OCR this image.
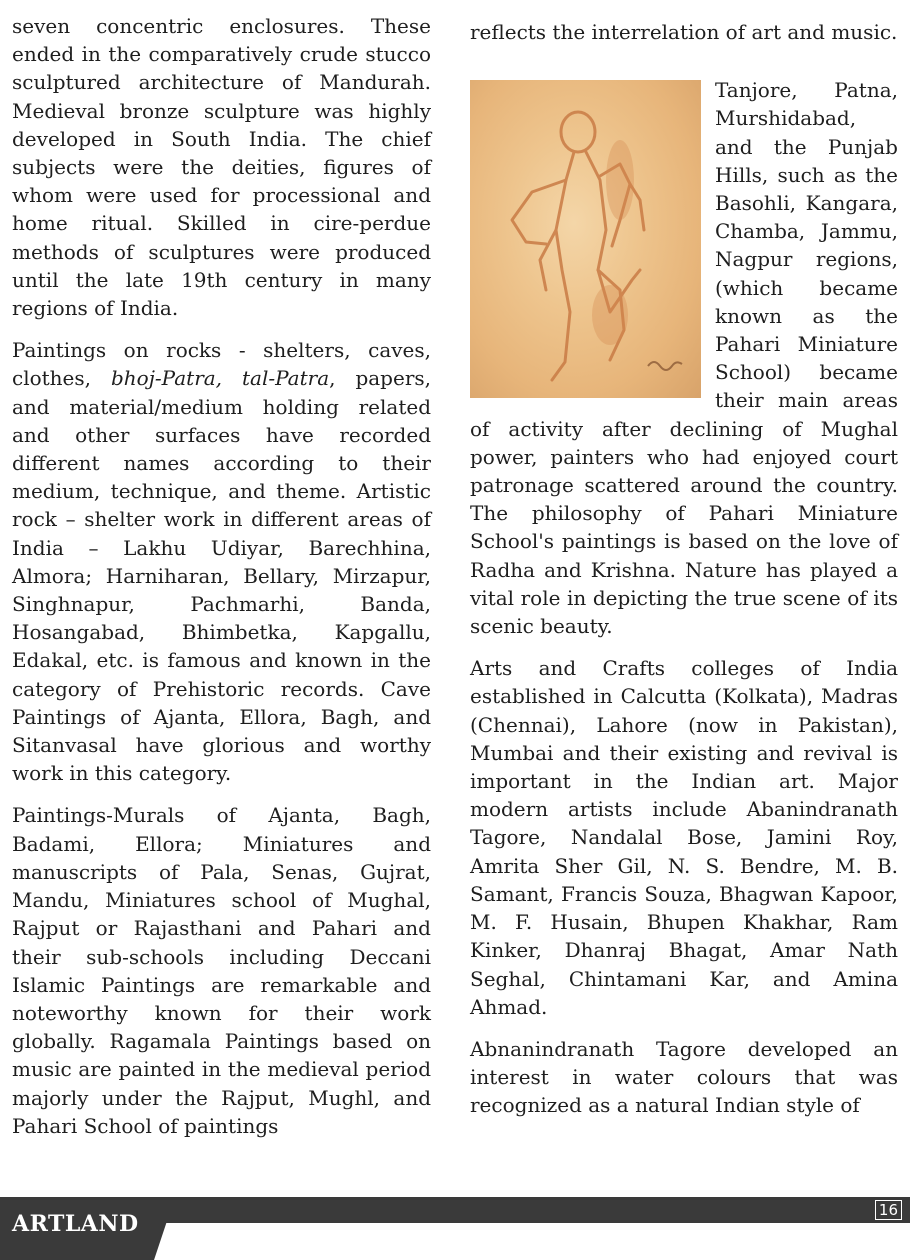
seven concentric enclosures. These ended in the comparatively crude stucco sculptured architecture of Mandurah. Medieval bronze sculpture was highly developed in South India. The chief subjects were the deities, figures of whom were used for processional and home ritual. Skilled in cire-perdue methods of sculptures were produced until the late 19th century in many regions of India.

Paintings on rocks - shelters, caves, clothes, bhoj-Patra, tal-Patra, papers, and material/medium holding related and other surfaces have recorded different names according to their medium, technique, and theme. Artistic rock – shelter work in different areas of India – Lakhu Udiyar, Barechhina, Almora; Harniharan, Bellary, Mirzapur, Singhnapur, Pachmarhi, Banda, Hosangabad, Bhimbetka, Kapgallu, Edakal, etc. is famous and known in the category of Prehistoric records. Cave Paintings of Ajanta, Ellora, Bagh, and Sitanvasal have glorious and worthy work in this category.

Paintings-Murals of Ajanta, Bagh, Badami, Ellora; Miniatures and manuscripts of Pala, Senas, Gujrat, Mandu, Miniatures school of Mughal, Rajput or Rajasthani and Pahari and their sub-schools including Deccani Islamic Paintings are remarkable and noteworthy known for their work globally. Ragamala Paintings based on music are painted in the medieval period majorly under the Rajput, Mughl, and Pahari School of paintings

reflects the interrelation of art and music.

Tanjore, Patna, Murshidabad, and the Punjab Hills, such as the Basohli, Kangara, Chamba, Jammu, Nagpur regions, (which became known as the Pahari Miniature School) became their main areas of activity after declining of Mughal power, painters who had enjoyed court patronage scattered around the country. The philosophy of Pahari Miniature School's paintings is based on the love of Radha and Krishna. Nature has played a vital role in depicting the true scene of its scenic beauty.

Arts and Crafts colleges of India established in Calcutta (Kolkata), Madras (Chennai), Lahore (now in Pakistan), Mumbai and their existing and revival is important in the Indian art. Major modern artists include Abanindranath Tagore, Nandalal Bose, Jamini Roy, Amrita Sher Gil, N. S. Bendre, M. B. Samant, Francis Souza, Bhagwan Kapoor, M. F. Husain, Bhupen Khakhar, Ram Kinker, Dhanraj Bhagat, Amar Nath Seghal, Chintamani Kar, and Amina Ahmad.

Abnanindranath Tagore developed an interest in water colours that was recognized as a natural Indian style of

ARTLAND
16
